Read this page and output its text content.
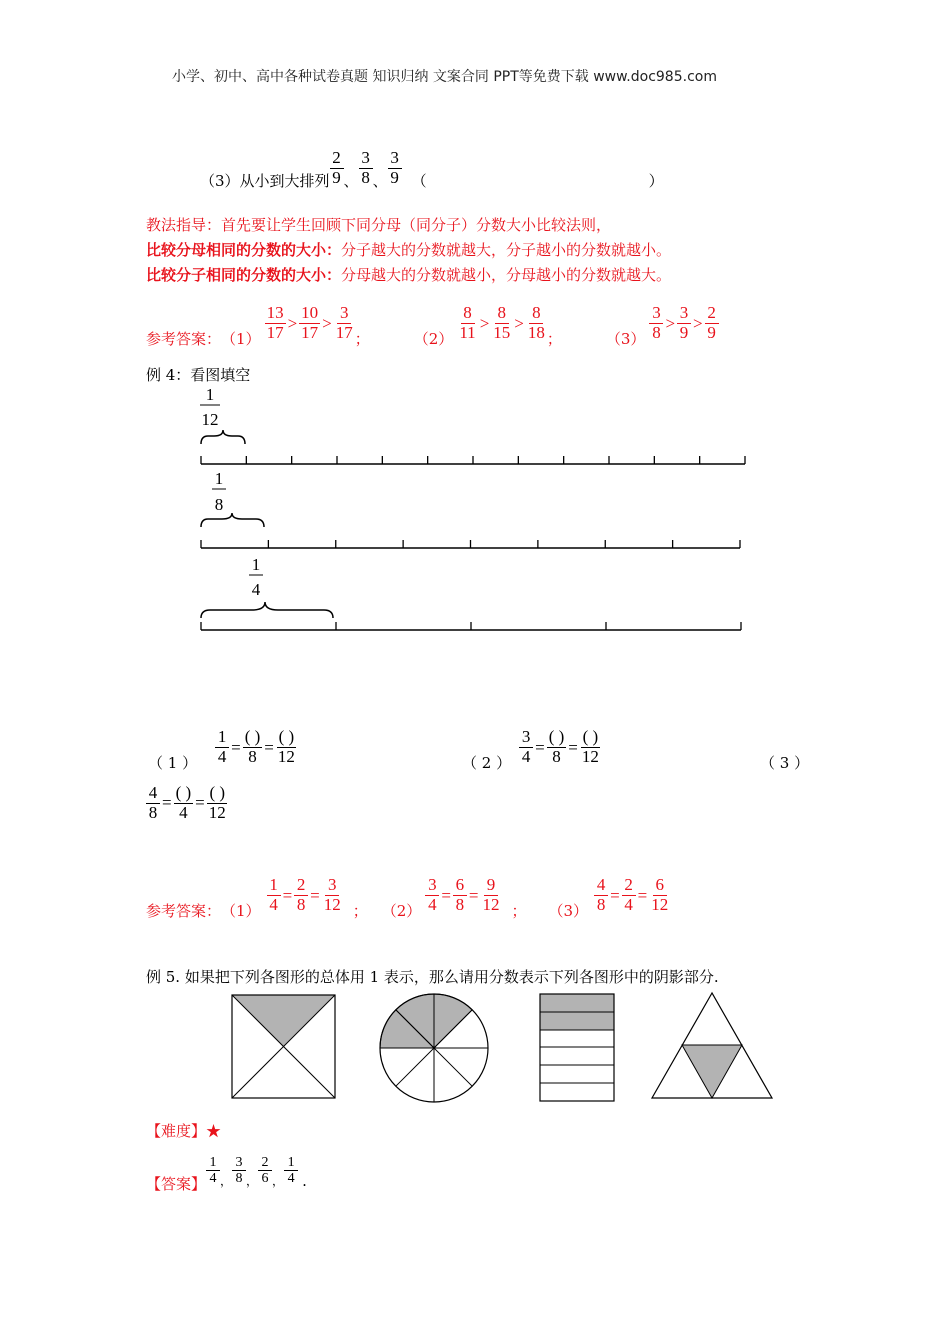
小学、初中、高中各种试卷真题 知识归纳 文案合同 PPT等免费下载 www.doc985.com
（3）从小到大排列 $\frac{2}{9}$ 、 $\frac{3}{8}$ 、 $\frac{3}{9}$ （	）
教法指导：首先要让学生回顾下同分母（同分子）分数大小比较法则，
比较分母相同的分数的大小：分子越大的分数就越大，分子越小的分数就越小。
比较分子相同的分数的大小：分母越大的分数就越小，分母越小的分数就越大。
参考答案： $(1) \frac{13}{17} > \frac{10}{17} > \frac{3}{17}$ ；	$(2) \frac{8}{11} > \frac{8}{15} > \frac{8}{18}$ ；	$(3) \frac{3}{8} > \frac{3}{9} > \frac{2}{9}$
例 4：看图填空
1
12
1
8
1
4
（ 1 ） $\frac{1}{4} = \frac{( )}{8} = \frac{( )}{12}$	（ 2 ） $\frac{3}{4} = \frac{( )}{8} = \frac{( )}{12}$	（ 3 ）
$\frac{4}{8} = \frac{( )}{4} = \frac{( )}{12}$
参考答案： $(1) \frac{1}{4} = \frac{2}{8} = \frac{3}{12}$ ； $(2) \frac{3}{4} = \frac{6}{8} = \frac{9}{12}$ ； $(3) \frac{4}{8} = \frac{2}{4} = \frac{6}{12}$
例 5. 如果把下列各图形的总体用 1 表示，那么请用分数表示下列各图形中的阴影部分.
【难度】★
【答案】 $\frac{1}{4}$ ， $\frac{3}{8}$ ， $\frac{2}{6}$ ， $\frac{1}{4}$ .
